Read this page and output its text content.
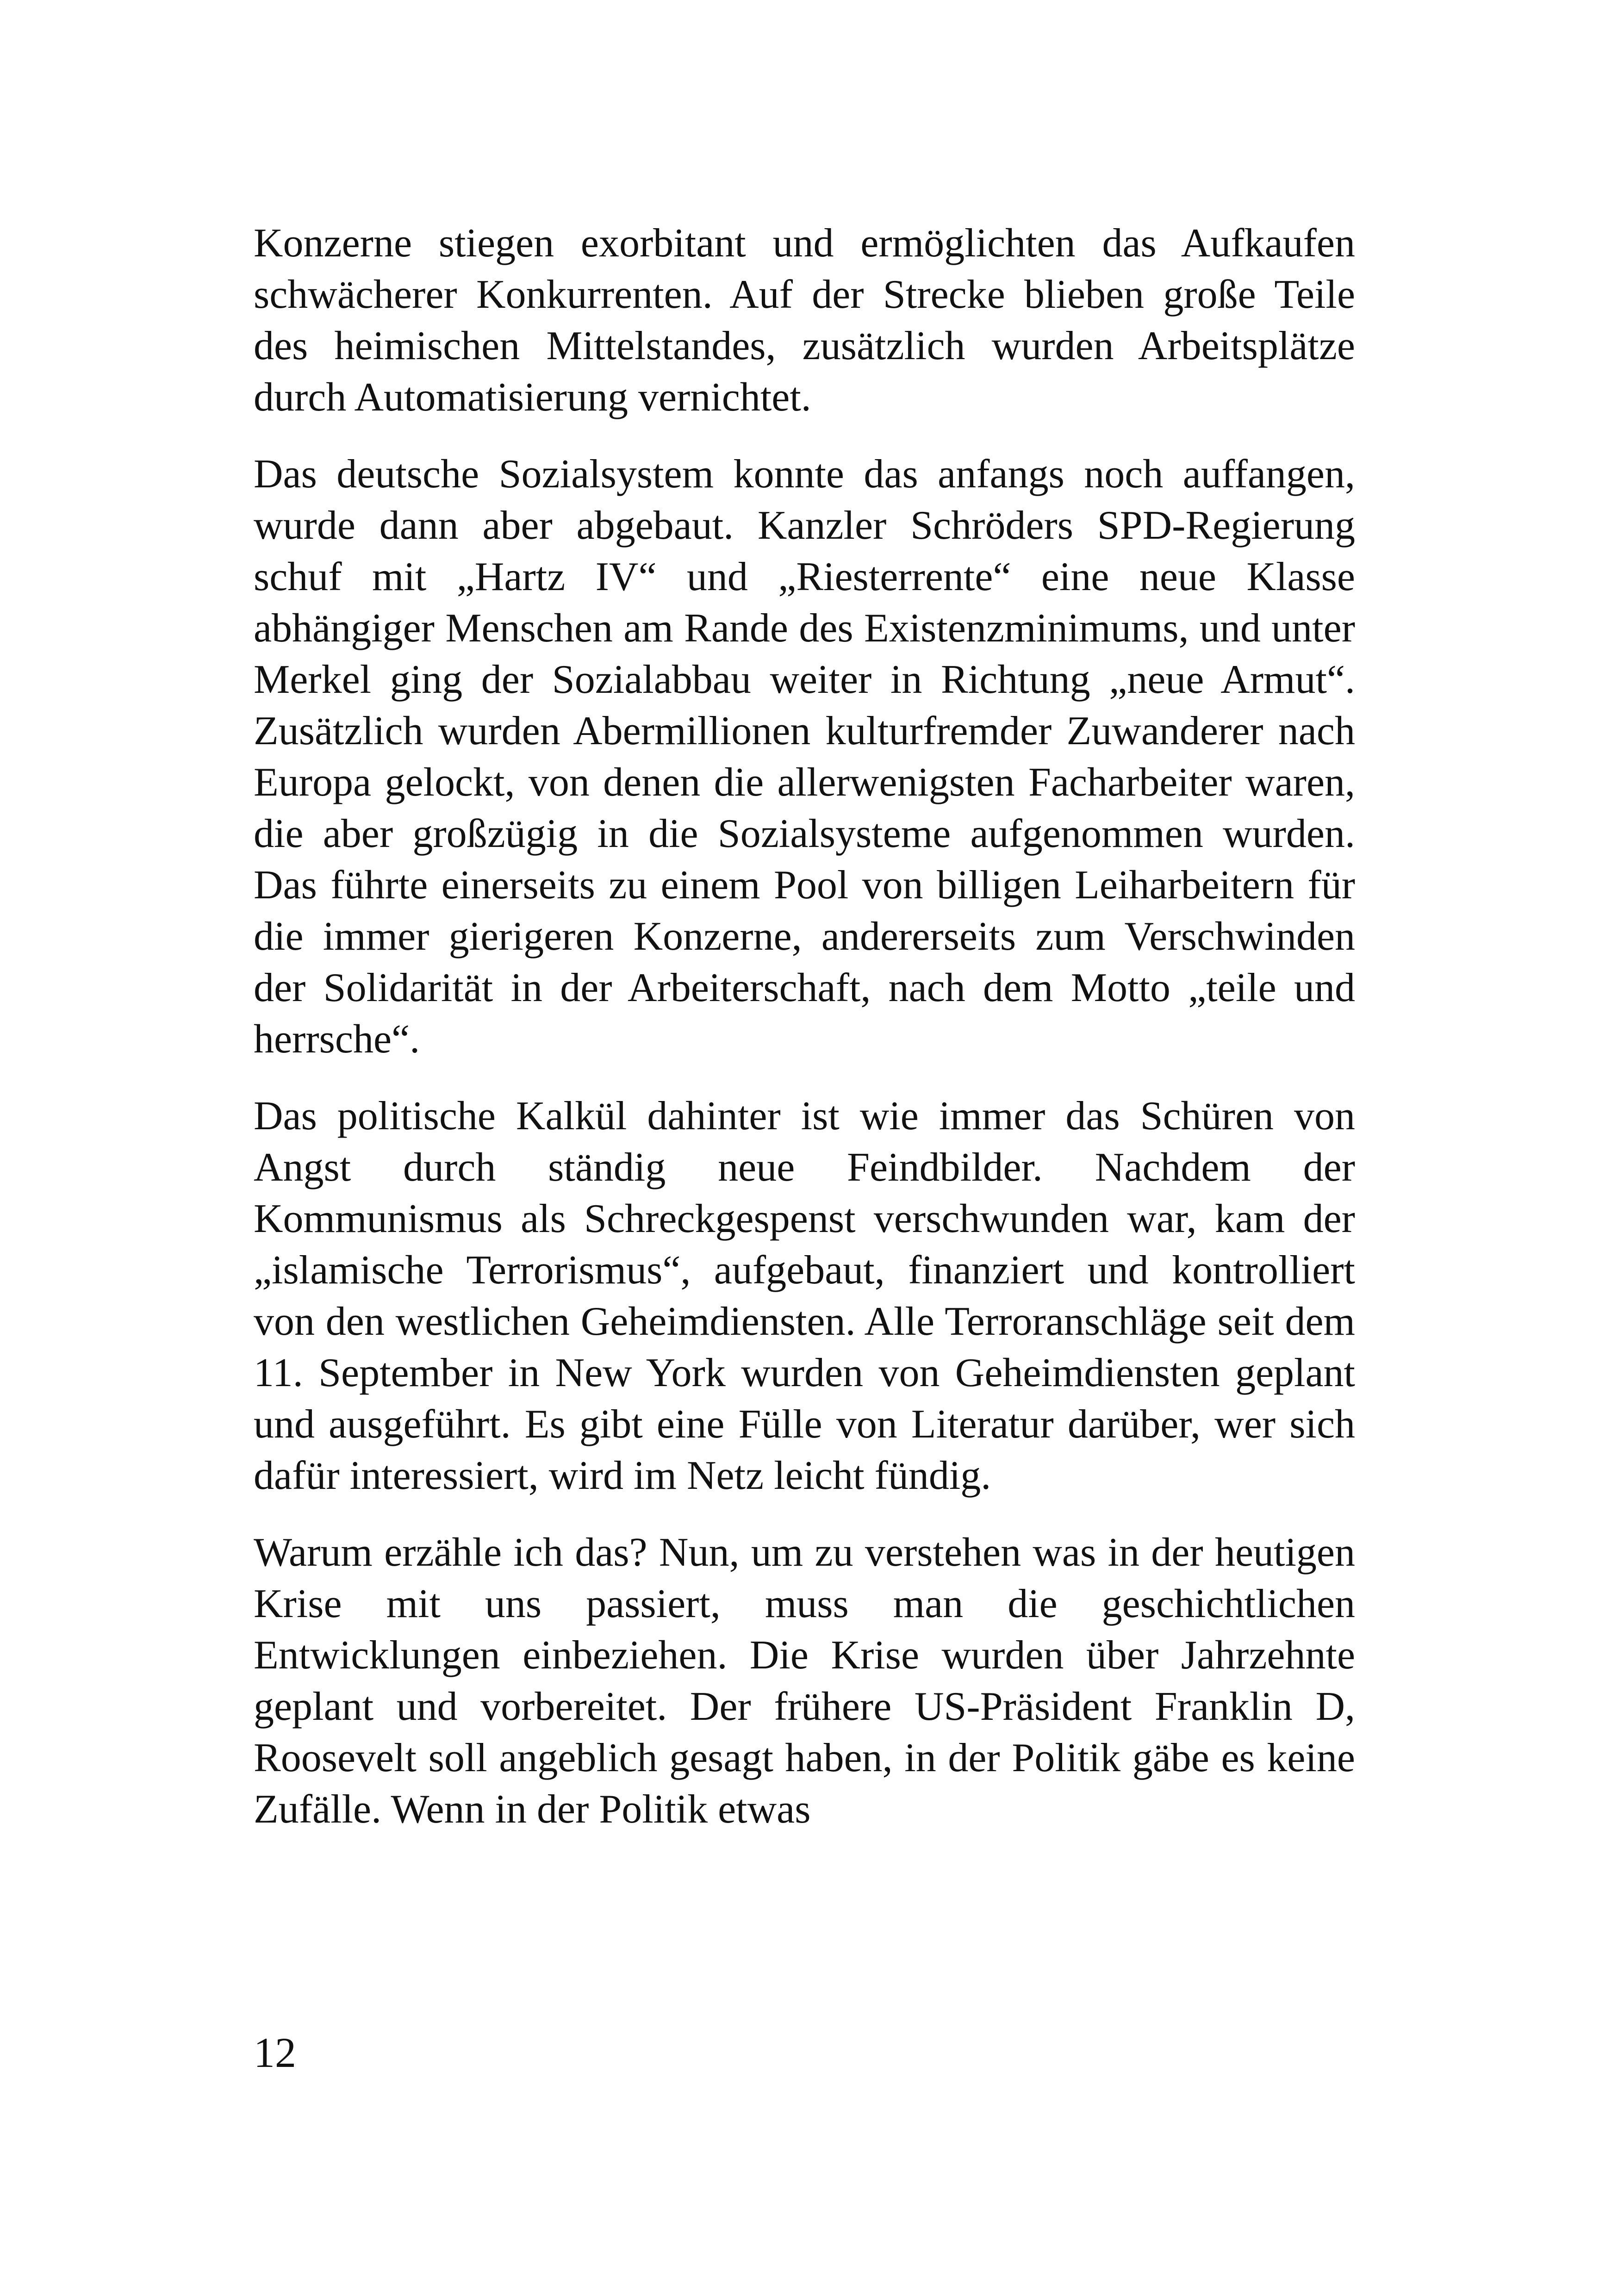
Konzerne stiegen exorbitant und ermöglichten das Aufkaufen schwächerer Konkurrenten. Auf der Strecke blieben große Teile des heimischen Mittelstandes, zusätzlich wurden Arbeitsplätze durch Automatisierung vernichtet.

Das deutsche Sozialsystem konnte das anfangs noch auffangen, wurde dann aber abgebaut. Kanzler Schröders SPD-Regierung schuf mit „Hartz IV“ und „Riesterrente“ eine neue Klasse abhängiger Menschen am Rande des Existenzminimums, und unter Merkel ging der Sozialabbau weiter in Richtung „neue Armut“. Zusätzlich wurden Abermillionen kulturfremder Zuwanderer nach Europa gelockt, von denen die allerwenigsten Facharbeiter waren, die aber großzügig in die Sozialsysteme aufgenommen wurden. Das führte einerseits zu einem Pool von billigen Leiharbeitern für die immer gierigeren Konzerne, andererseits zum Verschwinden der Solidarität in der Arbeiterschaft, nach dem Motto „teile und herrsche“.

Das politische Kalkül dahinter ist wie immer das Schüren von Angst durch ständig neue Feindbilder. Nachdem der Kommunismus als Schreckgespenst verschwunden war, kam der „islamische Terrorismus“, aufgebaut, finanziert und kontrolliert von den westlichen Geheimdiensten. Alle Terroranschläge seit dem 11. September in New York wurden von Geheimdiensten geplant und ausgeführt. Es gibt eine Fülle von Literatur darüber, wer sich dafür interessiert, wird im Netz leicht fündig.

Warum erzähle ich das? Nun, um zu verstehen was in der heutigen Krise mit uns passiert, muss man die geschichtlichen Entwicklungen einbeziehen. Die Krise wurden über Jahrzehnte geplant und vorbereitet. Der frühere US-Präsident Franklin D, Roosevelt soll angeblich gesagt haben, in der Politik gäbe es keine Zufälle. Wenn in der Politik etwas

12
